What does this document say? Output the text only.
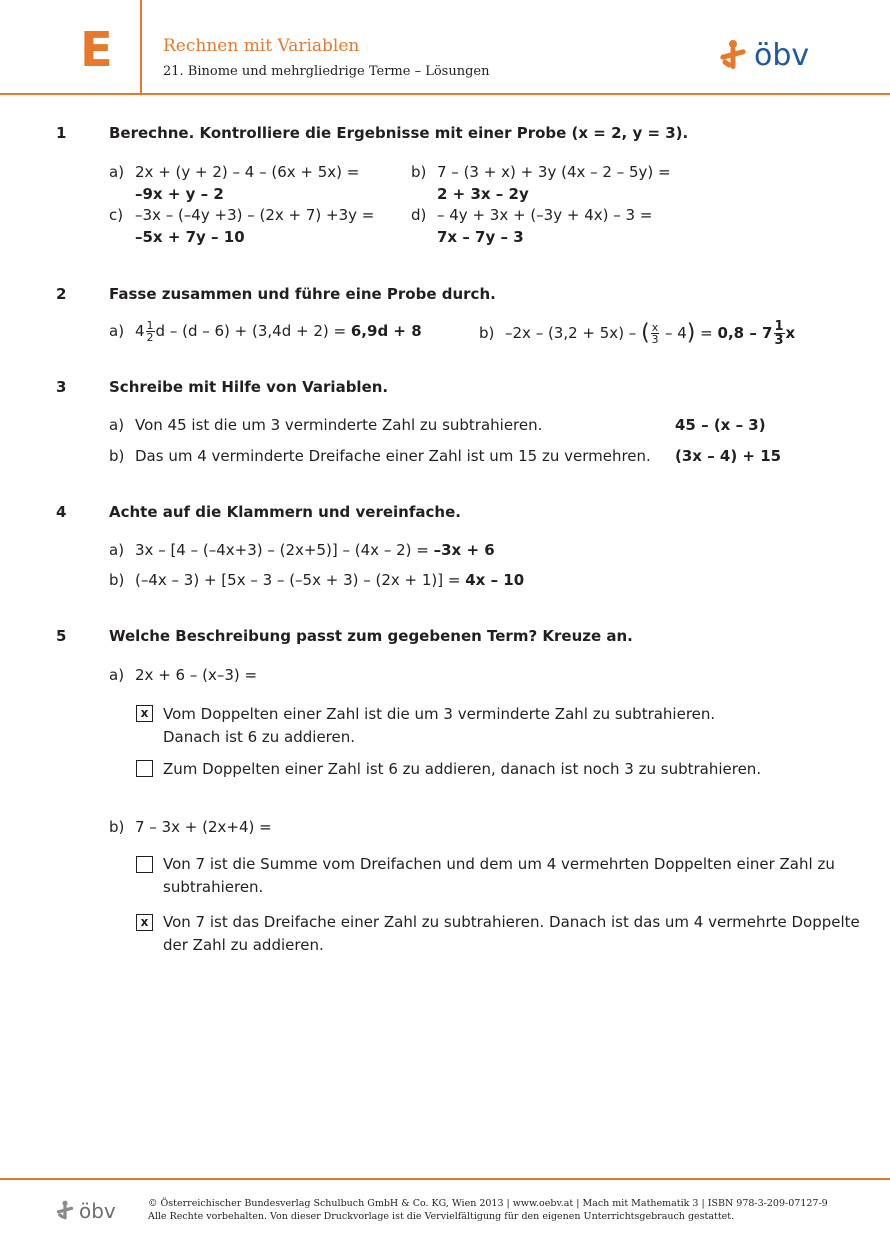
E	Rechnen mit Variablen
21. Binome und mehrgliedrige Terme – Lösungen	öbv
1	Berechne. Kontrolliere die Ergebnisse mit einer Probe (x = 2, y = 3).
a) 2x + (y + 2) – 4 – (6x + 5x) =
–9x + y – 2
b) 7 – (3 + x) + 3y (4x – 2 – 5y) =
2 + 3x – 2y
c) –3x – (–4y +3) – (2x + 7) +3y =
–5x + 7y – 10
d) – 4y + 3x + (–3y + 4x) – 3 =
7x – 7y – 3
2	Fasse zusammen und führe eine Probe durch.
a) $4 \frac{1}{2}$ d – (d – 6) + (3,4d + 2) = 6,9d + 8	b) –2x – (3,2 + 5x) – ( $\frac{x}{3} - 4) = 0,8 - 7 \frac{1}{3}$ x
3	Schreibe mit Hilfe von Variablen.
a) Von 45 ist die um 3 verminderte Zahl zu subtrahieren.	45 – (x – 3)
b) Das um 4 verminderte Dreifache einer Zahl ist um 15 zu vermehren. (3x – 4) + 15
4	Achte auf die Klammern und vereinfache.
a) 3x – [4 – (–4x+3) – (2x+5)] – (4x – 2) = –3x + 6
b) (–4x – 3) + [5x – 3 – (–5x + 3) – (2x + 1)] = 4x – 10
5	Welche Beschreibung passt zum gegebenen Term? Kreuze an.
a) 2x + 6 – (x–3) =
x Vom Doppelten einer Zahl ist die um 3 verminderte Zahl zu subtrahieren.
Danach ist 6 zu addieren.
Zum Doppelten einer Zahl ist 6 zu addieren, danach ist noch 3 zu subtrahieren.
b) 7 – 3x + (2x+4) =
Von 7 ist die Summe vom Dreifachen und dem um 4 vermehrten Doppelten einer Zahl zu
subtrahieren.
x Von 7 ist das Dreifache einer Zahl zu subtrahieren. Danach ist das um 4 vermehrte Doppelte
der Zahl zu addieren.
öbv	© Österreichischer Bundesverlag Schulbuch GmbH & Co. KG, Wien 2013 | www.oebv.at | Mach mit Mathematik 3 | ISBN 978-3-209-07127-9
Alle Rechte vorbehalten. Von dieser Druckvorlage ist die Vervielfältigung für den eigenen Unterrichtsgebrauch gestattet.
